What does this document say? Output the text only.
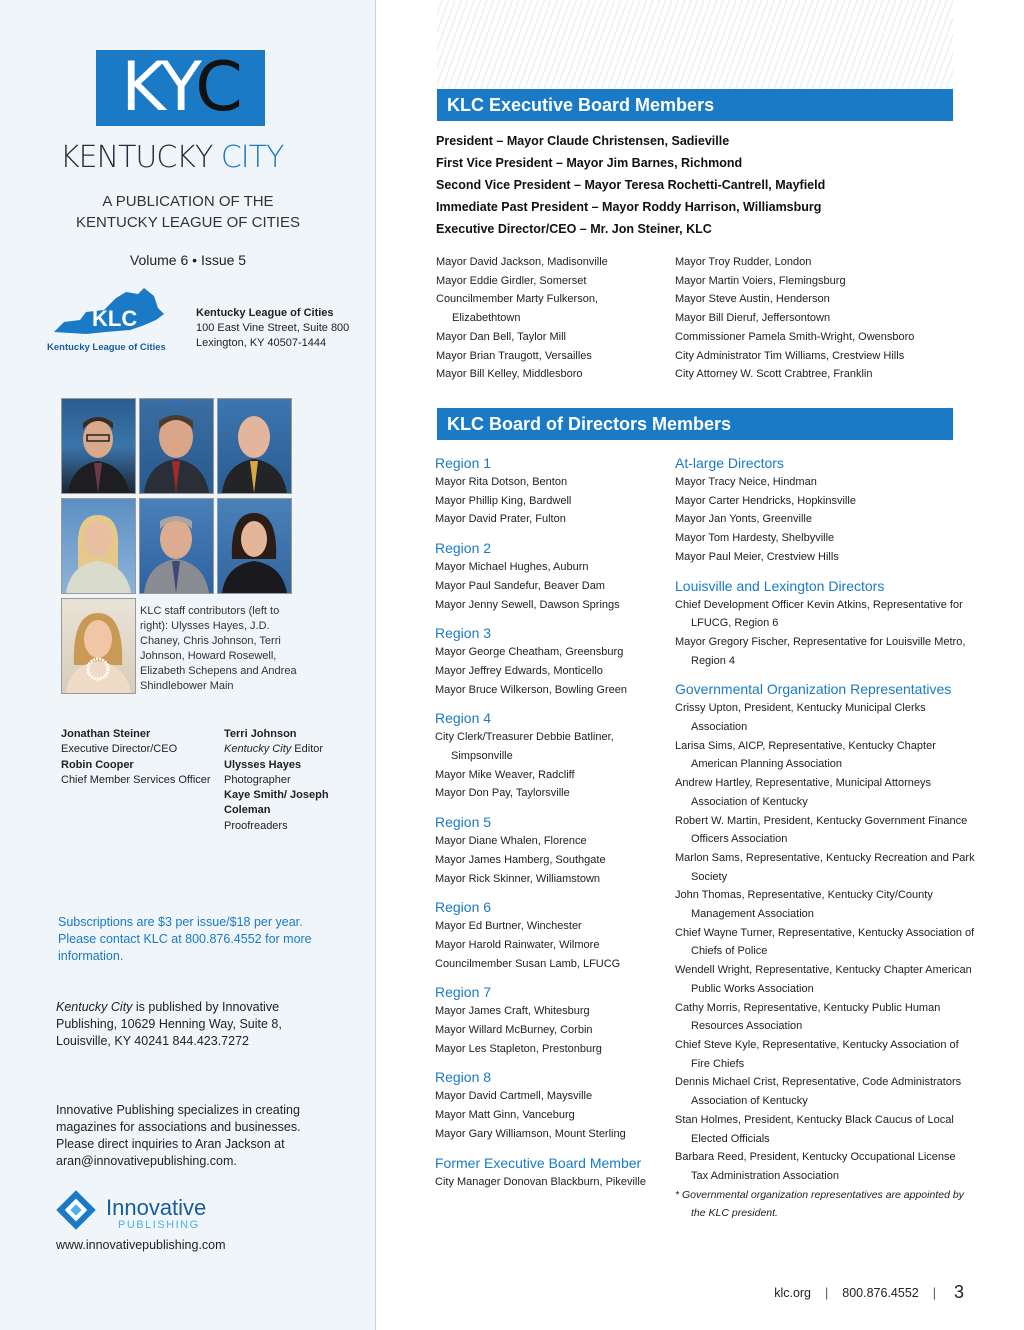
KYC
KENTUCKY CITY
A PUBLICATION OF THE
KENTUCKY LEAGUE OF CITIES
Volume 6 • Issue 5
KLC
Kentucky League of Cities
Kentucky League of Cities
100 East Vine Street, Suite 800
Lexington, KY 40507-1444
KLC staff contributors (left to right): Ulysses Hayes, J.D. Chaney, Chris Johnson, Terri Johnson, Howard Rosewell, Elizabeth Schepens and Andrea Shindlebower Main
Jonathan Steiner
Executive Director/CEO
Robin Cooper
Chief Member Services Officer
Terri Johnson
Kentucky City Editor
Ulysses Hayes
Photographer
Kaye Smith/ Joseph Coleman
Proofreaders
Subscriptions are $3 per issue/$18 per year. Please contact KLC at 800.876.4552 for more information.
Kentucky City is published by Innovative Publishing, 10629 Henning Way, Suite 8, Louisville, KY 40241 844.423.7272
Innovative Publishing specializes in creating magazines for associations and businesses. Please direct inquiries to Aran Jackson at aran@innovativepublishing.com.
Innovative
PUBLISHING
www.innovativepublishing.com
KLC Executive Board Members
President – Mayor Claude Christensen, Sadieville
First Vice President – Mayor Jim Barnes, Richmond
Second Vice President – Mayor Teresa Rochetti-Cantrell, Mayfield
Immediate Past President – Mayor Roddy Harrison, Williamsburg
Executive Director/CEO – Mr. Jon Steiner, KLC
Mayor David Jackson, Madisonville
Mayor Eddie Girdler, Somerset
Councilmember Marty Fulkerson, Elizabethtown
Mayor Dan Bell, Taylor Mill
Mayor Brian Traugott, Versailles
Mayor Bill Kelley, Middlesboro
Mayor Troy Rudder, London
Mayor Martin Voiers, Flemingsburg
Mayor Steve Austin, Henderson
Mayor Bill Dieruf, Jeffersontown
Commissioner Pamela Smith-Wright, Owensboro
City Administrator Tim Williams, Crestview Hills
City Attorney W. Scott Crabtree, Franklin
KLC Board of Directors Members
Region 1
Mayor Rita Dotson, Benton
Mayor Phillip King, Bardwell
Mayor David Prater, Fulton
Region 2
Mayor Michael Hughes, Auburn
Mayor Paul Sandefur, Beaver Dam
Mayor Jenny Sewell, Dawson Springs
Region 3
Mayor George Cheatham, Greensburg
Mayor Jeffrey Edwards, Monticello
Mayor Bruce Wilkerson, Bowling Green
Region 4
City Clerk/Treasurer Debbie Batliner, Simpsonville
Mayor Mike Weaver, Radcliff
Mayor Don Pay, Taylorsville
Region 5
Mayor Diane Whalen, Florence
Mayor James Hamberg, Southgate
Mayor Rick Skinner, Williamstown
Region 6
Mayor Ed Burtner, Winchester
Mayor Harold Rainwater, Wilmore
Councilmember Susan Lamb, LFUCG
Region 7
Mayor James Craft, Whitesburg
Mayor Willard McBurney, Corbin
Mayor Les Stapleton, Prestonburg
Region 8
Mayor David Cartmell, Maysville
Mayor Matt Ginn, Vanceburg
Mayor Gary Williamson, Mount Sterling
Former Executive Board Member
City Manager Donovan Blackburn, Pikeville
At-large Directors
Mayor Tracy Neice, Hindman
Mayor Carter Hendricks, Hopkinsville
Mayor Jan Yonts, Greenville
Mayor Tom Hardesty, Shelbyville
Mayor Paul Meier, Crestview Hills
Louisville and Lexington Directors
Chief Development Officer Kevin Atkins, Representative for LFUCG, Region 6
Mayor Gregory Fischer, Representative for Louisville Metro, Region 4
Governmental Organization Representatives
Crissy Upton, President, Kentucky Municipal Clerks Association
Larisa Sims, AICP, Representative, Kentucky Chapter American Planning Association
Andrew Hartley, Representative, Municipal Attorneys Association of Kentucky
Robert W. Martin, President, Kentucky Government Finance Officers Association
Marlon Sams, Representative, Kentucky Recreation and Park Society
John Thomas, Representative, Kentucky City/County Management Association
Chief Wayne Turner, Representative, Kentucky Association of Chiefs of Police
Wendell Wright, Representative, Kentucky Chapter American Public Works Association
Cathy Morris, Representative, Kentucky Public Human Resources Association
Chief Steve Kyle, Representative, Kentucky Association of Fire Chiefs
Dennis Michael Crist, Representative, Code Administrators Association of Kentucky
Stan Holmes, President, Kentucky Black Caucus of Local Elected Officials
Barbara Reed, President, Kentucky Occupational License Tax Administration Association
* Governmental organization representatives are appointed by the KLC president.
klc.org | 800.876.4552 | 3
